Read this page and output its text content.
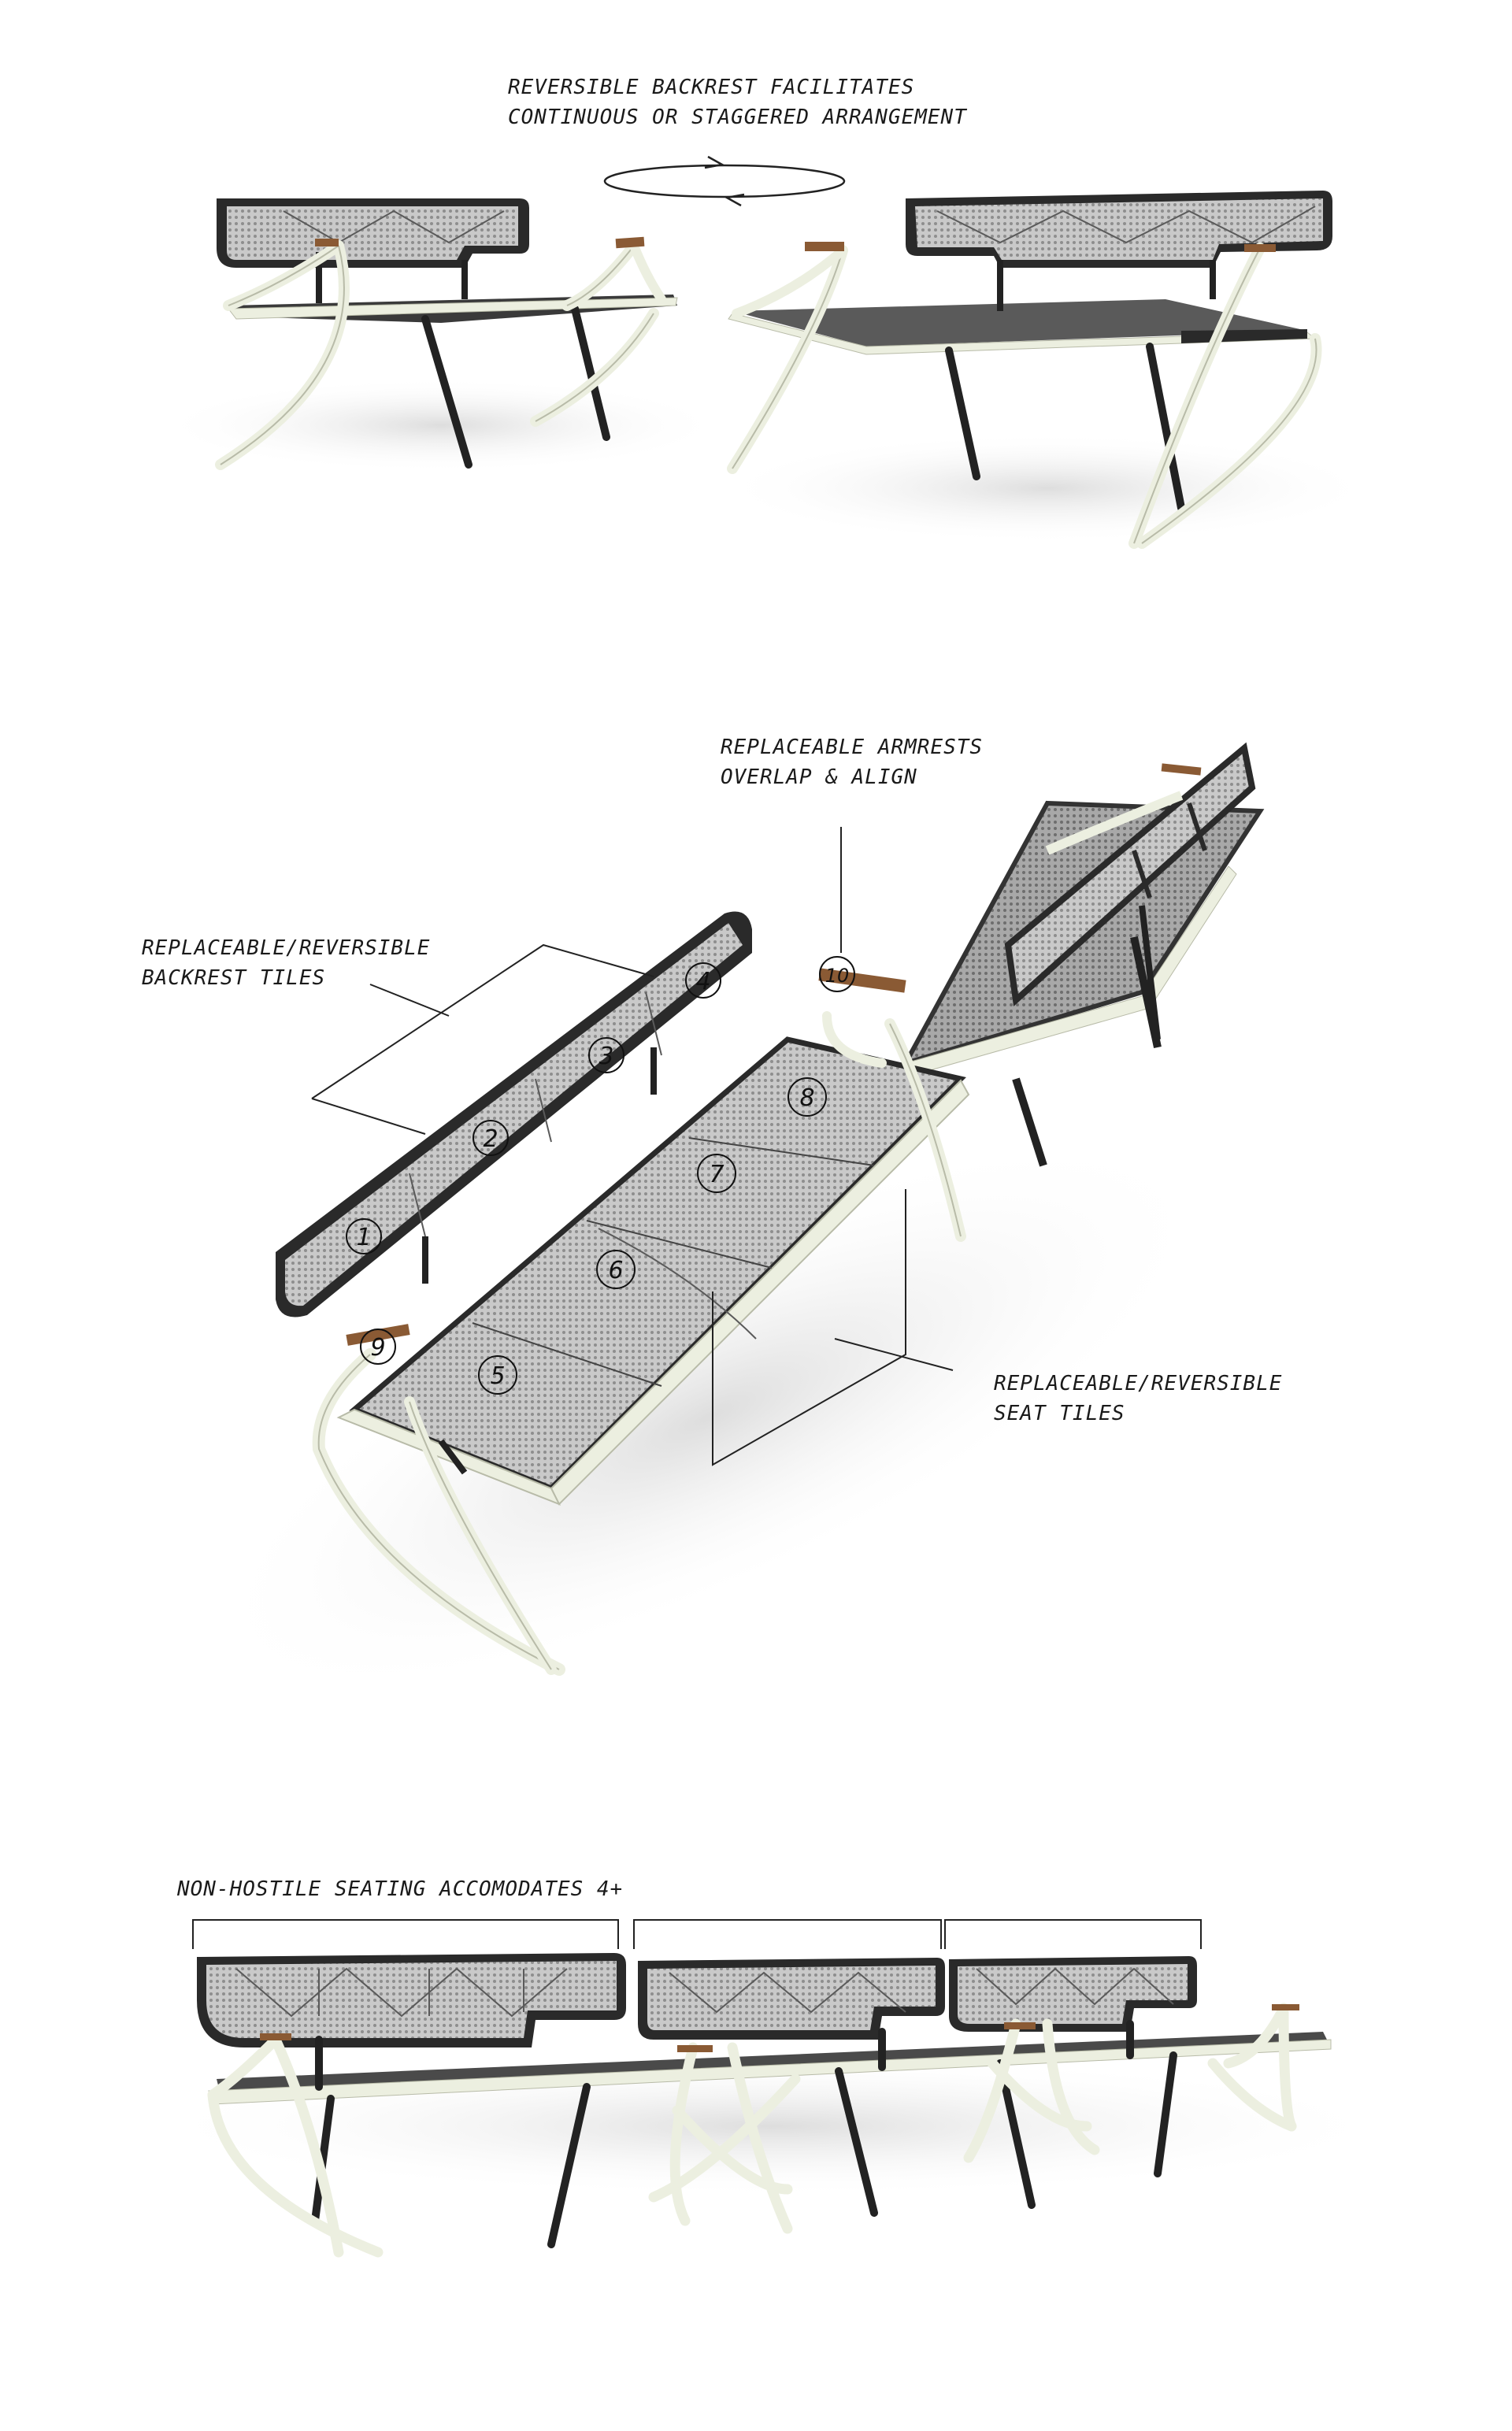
1
2
3
4
5
6
7
8
9
10
REVERSIBLE BACKREST FACILITATES
CONTINUOUS OR STAGGERED ARRANGEMENT
REPLACEABLE ARMRESTS
OVERLAP & ALIGN
REPLACEABLE/REVERSIBLE
BACKREST TILES
REPLACEABLE/REVERSIBLE
SEAT TILES
NON-HOSTILE SEATING ACCOMODATES 4+
